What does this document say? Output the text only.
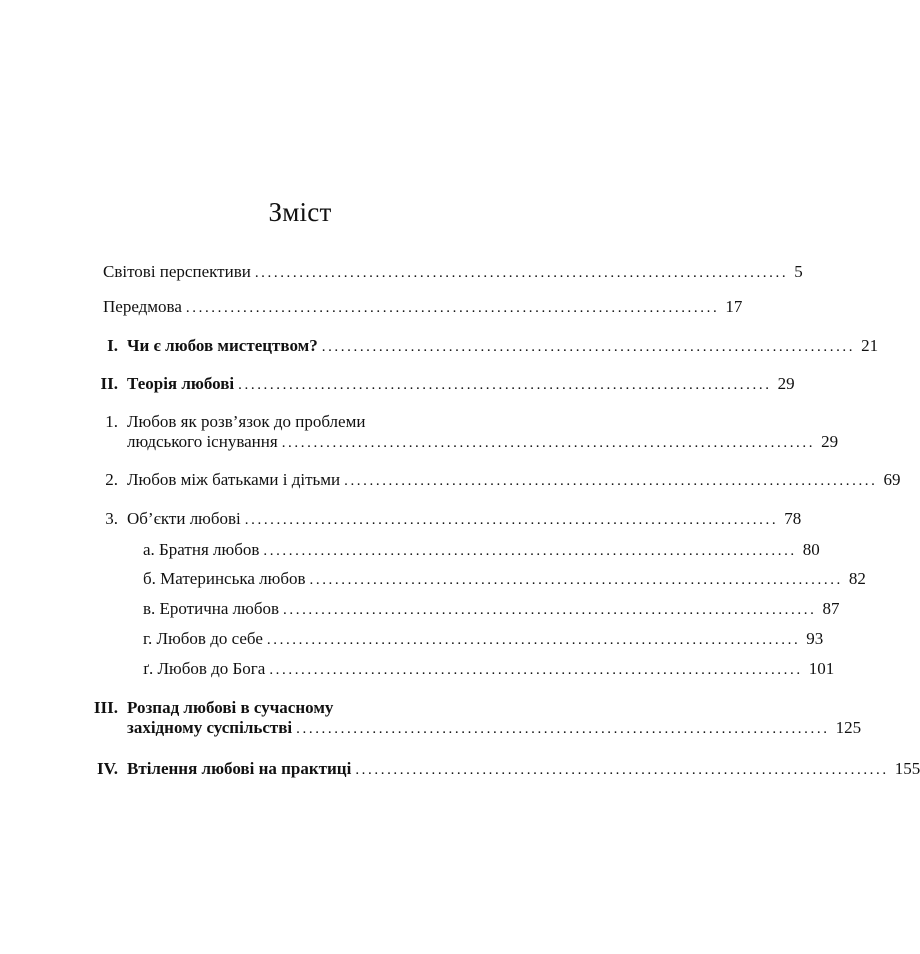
Зміст
Світові перспективи .................................................................................... 5
Передмова .................................................................................... 17
I. Чи є любов мистецтвом? .................................................................................... 21
II. Теорія любові .................................................................................... 29
1. Любов як розв’язок до проблеми
людського існування .................................................................................... 29
2. Любов між батьками і дітьми .................................................................................... 69
3. Об’єкти любові .................................................................................... 78
а. Братня любов .................................................................................... 80
б. Материнська любов .................................................................................... 82
в. Еротична любов .................................................................................... 87
г. Любов до себе .................................................................................... 93
ґ. Любов до Бога .................................................................................... 101
III. Розпад любові в сучасному
західному суспільстві .................................................................................... 125
IV. Втілення любові на практиці .................................................................................... 155
